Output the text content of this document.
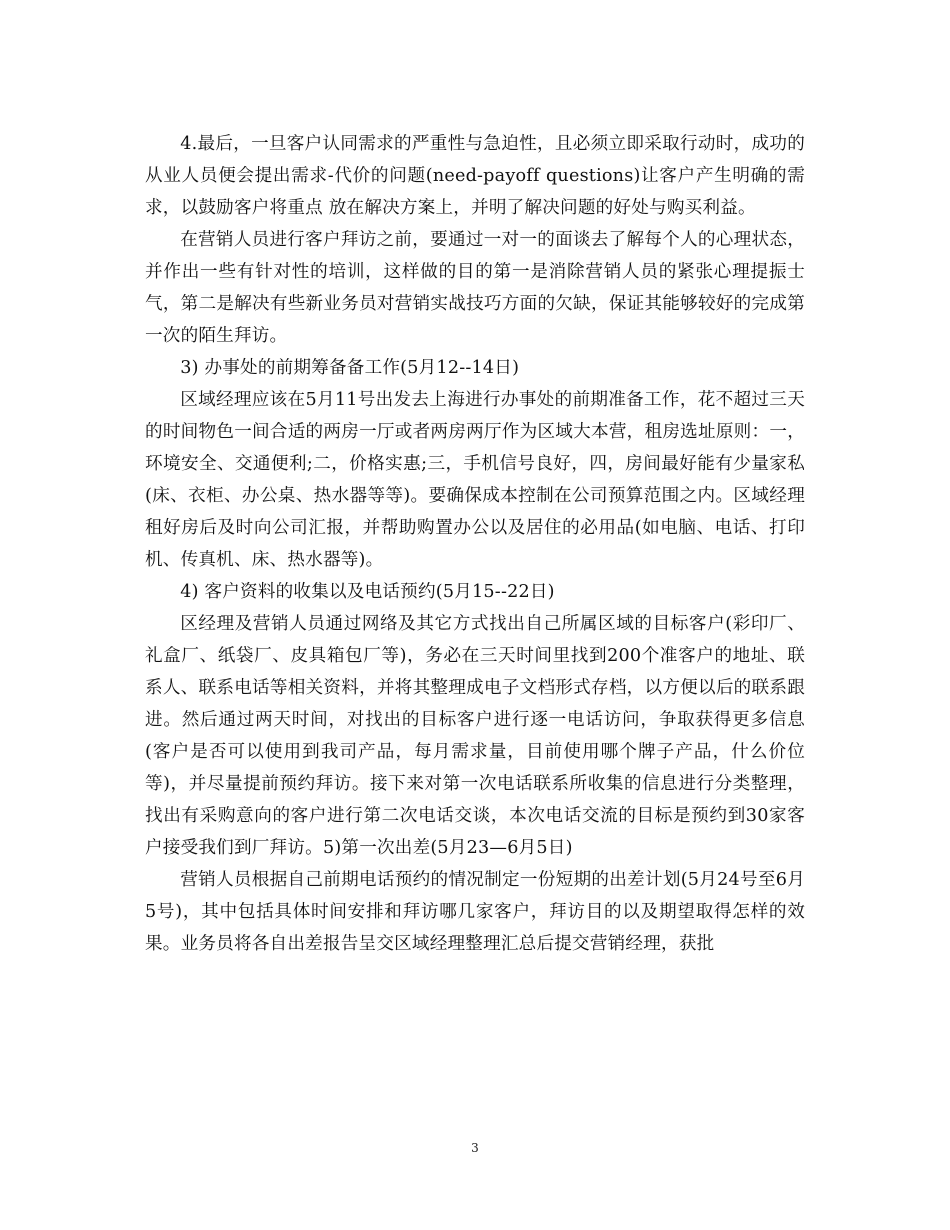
4.最后，一旦客户认同需求的严重性与急迫性，且必须立即采取行动时，成功的从业人员便会提出需求-代价的问题(need-payoff questions)让客户产生明确的需求，以鼓励客户将重点 放在解决方案上，并明了解决问题的好处与购买利益。

在营销人员进行客户拜访之前，要通过一对一的面谈去了解每个人的心理状态，并作出一些有针对性的培训，这样做的目的第一是消除营销人员的紧张心理提振士气，第二是解决有些新业务员对营销实战技巧方面的欠缺，保证其能够较好的完成第一次的陌生拜访。

3) 办事处的前期筹备备工作(5月12--14日)

区域经理应该在5月11号出发去上海进行办事处的前期准备工作，花不超过三天的时间物色一间合适的两房一厅或者两房两厅作为区域大本营，租房选址原则：一，环境安全、交通便利;二，价格实惠;三，手机信号良好，四，房间最好能有少量家私(床、衣柜、办公桌、热水器等等)。要确保成本控制在公司预算范围之内。区域经理租好房后及时向公司汇报，并帮助购置办公以及居住的必用品(如电脑、电话、打印机、传真机、床、热水器等)。

4) 客户资料的收集以及电话预约(5月15--22日)

区经理及营销人员通过网络及其它方式找出自己所属区域的目标客户(彩印厂、礼盒厂、纸袋厂、皮具箱包厂等)，务必在三天时间里找到200个准客户的地址、联系人、联系电话等相关资料，并将其整理成电子文档形式存档，以方便以后的联系跟进。然后通过两天时间，对找出的目标客户进行逐一电话访问，争取获得更多信息(客户是否可以使用到我司产品，每月需求量，目前使用哪个牌子产品，什么价位等)，并尽量提前预约拜访。接下来对第一次电话联系所收集的信息进行分类整理，找出有采购意向的客户进行第二次电话交谈，本次电话交流的目标是预约到30家客户接受我们到厂拜访。5)第一次出差(5月23—6月5日)

营销人员根据自己前期电话预约的情况制定一份短期的出差计划(5月24号至6月5号)，其中包括具体时间安排和拜访哪几家客户，拜访目的以及期望取得怎样的效果。业务员将各自出差报告呈交区域经理整理汇总后提交营销经理，获批

3
